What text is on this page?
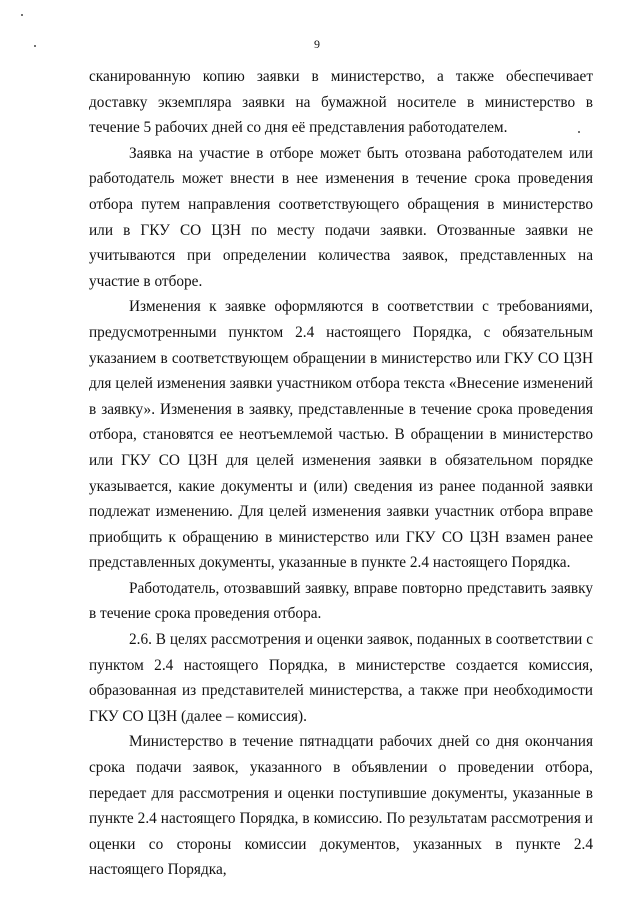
9

сканированную копию заявки в министерство, а также обеспечивает доставку экземпляра заявки на бумажной носителе в министерство в течение 5 рабочих дней со дня её представления работодателем.

Заявка на участие в отборе может быть отозвана работодателем или работодатель может внести в нее изменения в течение срока проведения отбора путем направления соответствующего обращения в министерство или в ГКУ СО ЦЗН по месту подачи заявки. Отозванные заявки не учитываются при определении количества заявок, представленных на участие в отборе.

Изменения к заявке оформляются в соответствии с требованиями, предусмотренными пунктом 2.4 настоящего Порядка, с обязательным указанием в соответствующем обращении в министерство или ГКУ СО ЦЗН для целей изменения заявки участником отбора текста «Внесение изменений в заявку». Изменения в заявку, представленные в течение срока проведения отбора, становятся ее неотъемлемой частью. В обращении в министерство или ГКУ СО ЦЗН для целей изменения заявки в обязательном порядке указывается, какие документы и (или) сведения из ранее поданной заявки подлежат изменению. Для целей изменения заявки участник отбора вправе приобщить к обращению в министерство или ГКУ СО ЦЗН взамен ранее представленных документы, указанные в пункте 2.4 настоящего Порядка.

Работодатель, отозвавший заявку, вправе повторно представить заявку в течение срока проведения отбора.

2.6. В целях рассмотрения и оценки заявок, поданных в соответствии с пунктом 2.4 настоящего Порядка, в министерстве создается комиссия, образованная из представителей министерства, а также при необходимости ГКУ СО ЦЗН (далее – комиссия).

Министерство в течение пятнадцати рабочих дней со дня окончания срока подачи заявок, указанного в объявлении о проведении отбора, передает для рассмотрения и оценки поступившие документы, указанные в пункте 2.4 настоящего Порядка, в комиссию. По результатам рассмотрения и оценки со стороны комиссии документов, указанных в пункте 2.4 настоящего Порядка,
